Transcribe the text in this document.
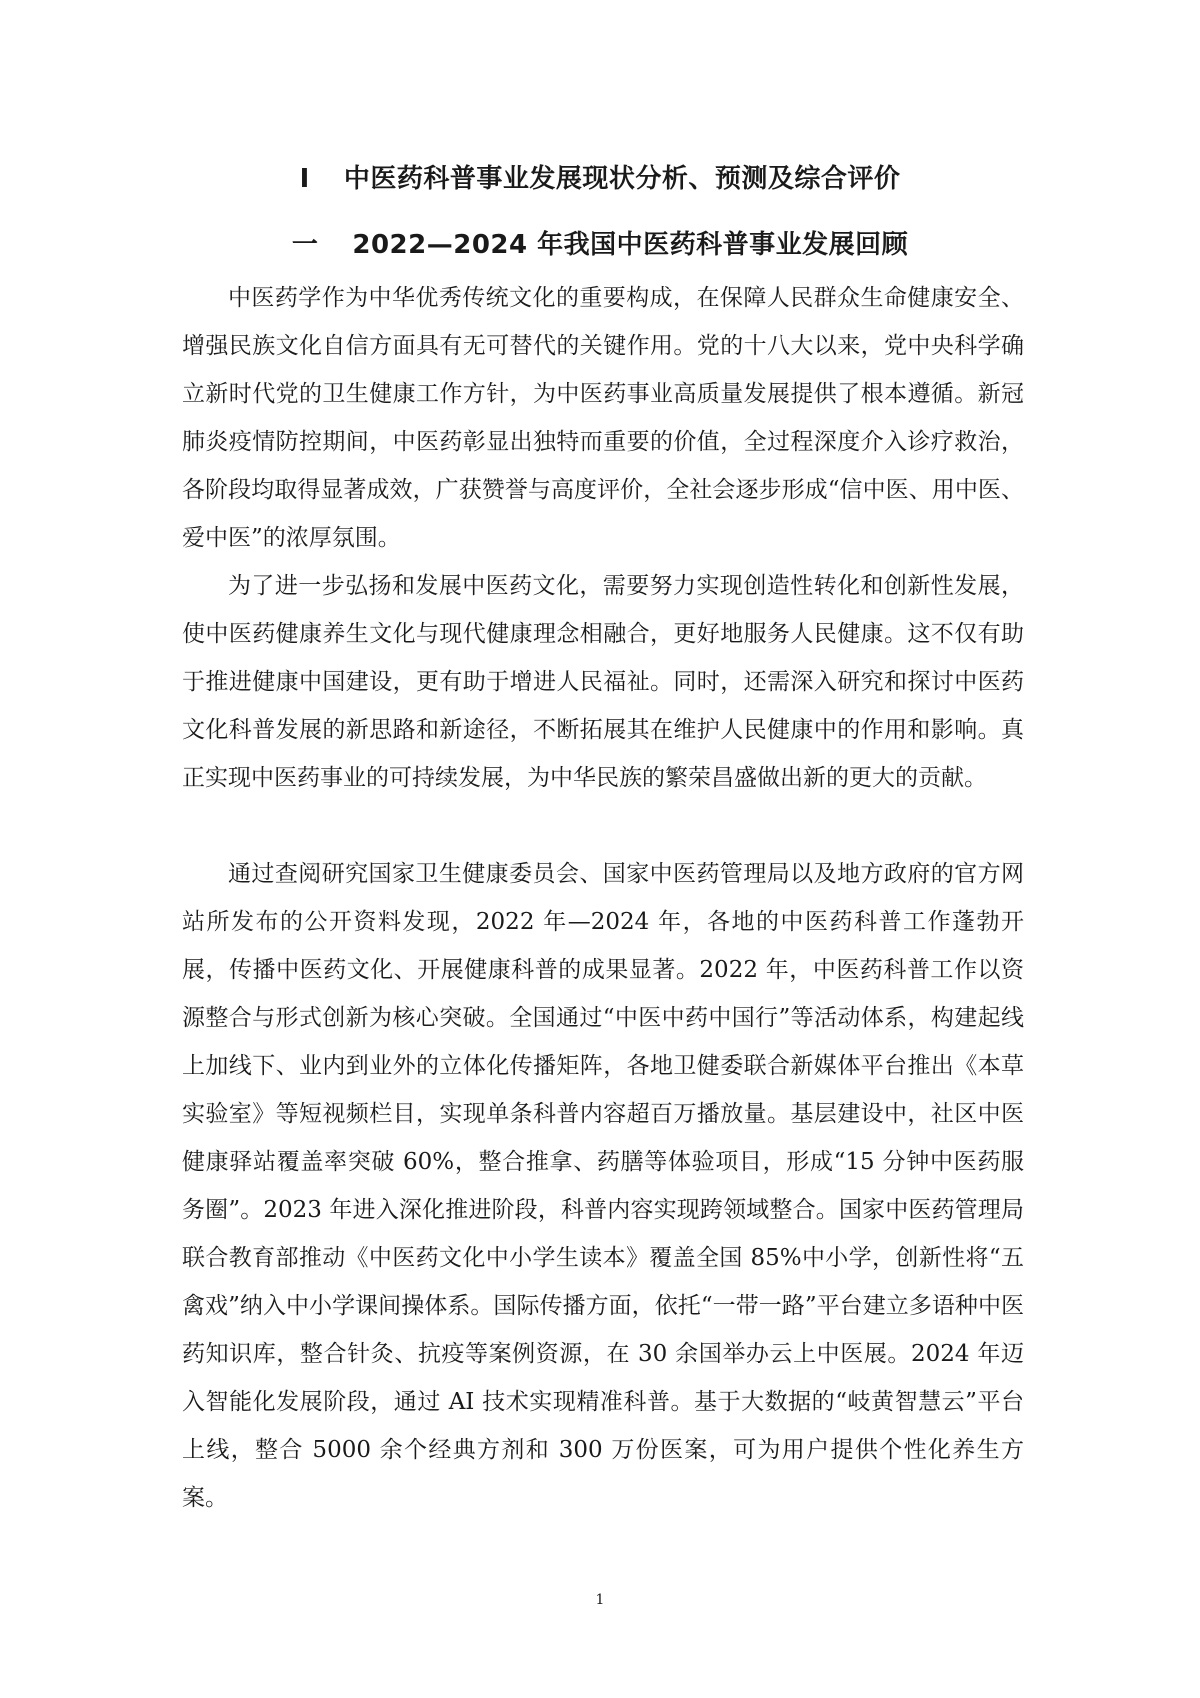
Ⅰ 中医药科普事业发展现状分析、预测及综合评价
一 2022—2024 年我国中医药科普事业发展回顾

中医药学作为中华优秀传统文化的重要构成，在保障人民群众生命健康安全、增强民族文化自信方面具有无可替代的关键作用。党的十八大以来，党中央科学确立新时代党的卫生健康工作方针，为中医药事业高质量发展提供了根本遵循。新冠肺炎疫情防控期间，中医药彰显出独特而重要的价值，全过程深度介入诊疗救治，各阶段均取得显著成效，广获赞誉与高度评价，全社会逐步形成“信中医、用中医、爱中医”的浓厚氛围。

为了进一步弘扬和发展中医药文化，需要努力实现创造性转化和创新性发展，使中医药健康养生文化与现代健康理念相融合，更好地服务人民健康。这不仅有助于推进健康中国建设，更有助于增进人民福祉。同时，还需深入研究和探讨中医药文化科普发展的新思路和新途径，不断拓展其在维护人民健康中的作用和影响。真正实现中医药事业的可持续发展，为中华民族的繁荣昌盛做出新的更大的贡献。

通过查阅研究国家卫生健康委员会、国家中医药管理局以及地方政府的官方网站所发布的公开资料发现，2022 年—2024 年，各地的中医药科普工作蓬勃开展，传播中医药文化、开展健康科普的成果显著。2022 年，中医药科普工作以资源整合与形式创新为核心突破。全国通过“中医中药中国行”等活动体系，构建起线上加线下、业内到业外的立体化传播矩阵，各地卫健委联合新媒体平台推出《本草实验室》等短视频栏目，实现单条科普内容超百万播放量。基层建设中，社区中医健康驿站覆盖率突破 60%，整合推拿、药膳等体验项目，形成“15 分钟中医药服务圈”。2023 年进入深化推进阶段，科普内容实现跨领域整合。国家中医药管理局联合教育部推动《中医药文化中小学生读本》覆盖全国 85%中小学，创新性将“五禽戏”纳入中小学课间操体系。国际传播方面，依托“一带一路”平台建立多语种中医药知识库，整合针灸、抗疫等案例资源，在 30 余国举办云上中医展。2024 年迈入智能化发展阶段，通过 AI 技术实现精准科普。基于大数据的“岐黄智慧云”平台上线，整合 5000 余个经典方剂和 300 万份医案，可为用户提供个性化养生方案。

1
